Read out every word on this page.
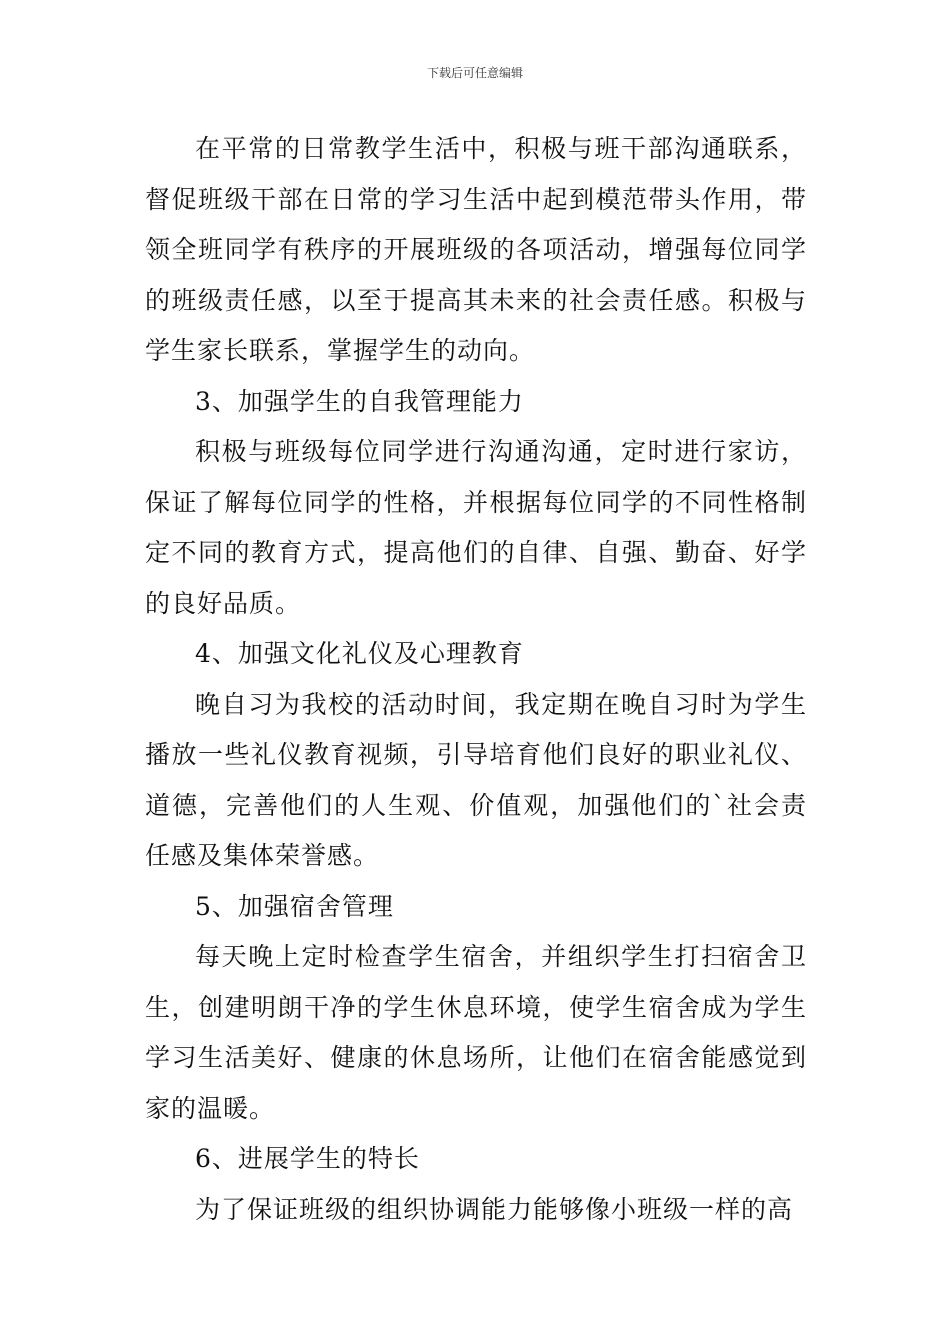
下载后可任意编辑

在平常的日常教学生活中，积极与班干部沟通联系，督促班级干部在日常的学习生活中起到模范带头作用，带领全班同学有秩序的开展班级的各项活动，增强每位同学的班级责任感，以至于提高其未来的社会责任感。积极与学生家长联系，掌握学生的动向。

3、加强学生的自我管理能力

积极与班级每位同学进行沟通沟通，定时进行家访，保证了解每位同学的性格，并根据每位同学的不同性格制定不同的教育方式，提高他们的自律、自强、勤奋、好学的良好品质。

4、加强文化礼仪及心理教育

晚自习为我校的活动时间，我定期在晚自习时为学生播放一些礼仪教育视频，引导培育他们良好的职业礼仪、道德，完善他们的人生观、价值观，加强他们的`社会责任感及集体荣誉感。

5、加强宿舍管理

每天晚上定时检查学生宿舍，并组织学生打扫宿舍卫生，创建明朗干净的学生休息环境，使学生宿舍成为学生学习生活美好、健康的休息场所，让他们在宿舍能感觉到家的温暖。

6、进展学生的特长

为了保证班级的组织协调能力能够像小班级一样的高
